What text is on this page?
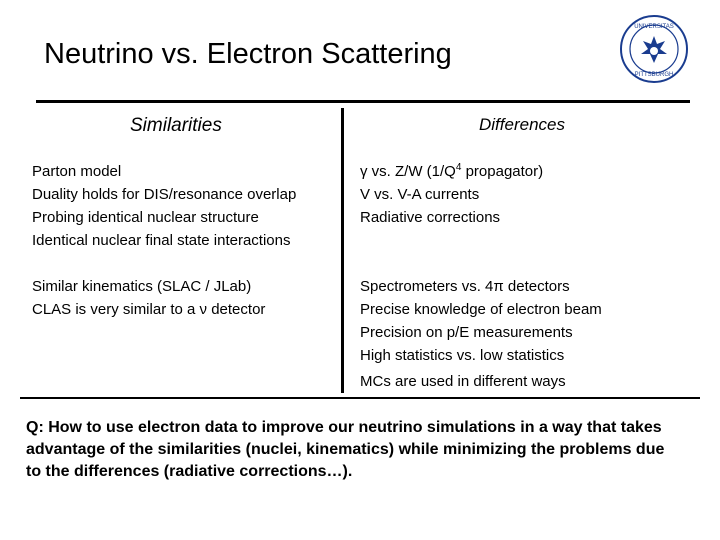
Neutrino vs. Electron Scattering
UNIVERSITAS
PITTSBURGH
Similarities	Differences
Parton model
Duality holds for DIS/resonance overlap
Probing identical nuclear structure
Identical nuclear final state interactions
Similar kinematics (SLAC / JLab)
CLAS is very similar to a ν detector
γ vs. Z/W ($1/Q^4$ propagator)
V vs. V-A currents
Radiative corrections
Spectrometers vs. 4π detectors
Precise knowledge of electron beam
Precision on p/E measurements
High statistics vs. low statistics
MCs are used in different ways
Q: How to use electron data to improve our neutrino simulations in a way that takes
advantage of the similarities (nuclei, kinematics) while minimizing the problems due
to the differences (radiative corrections…).
